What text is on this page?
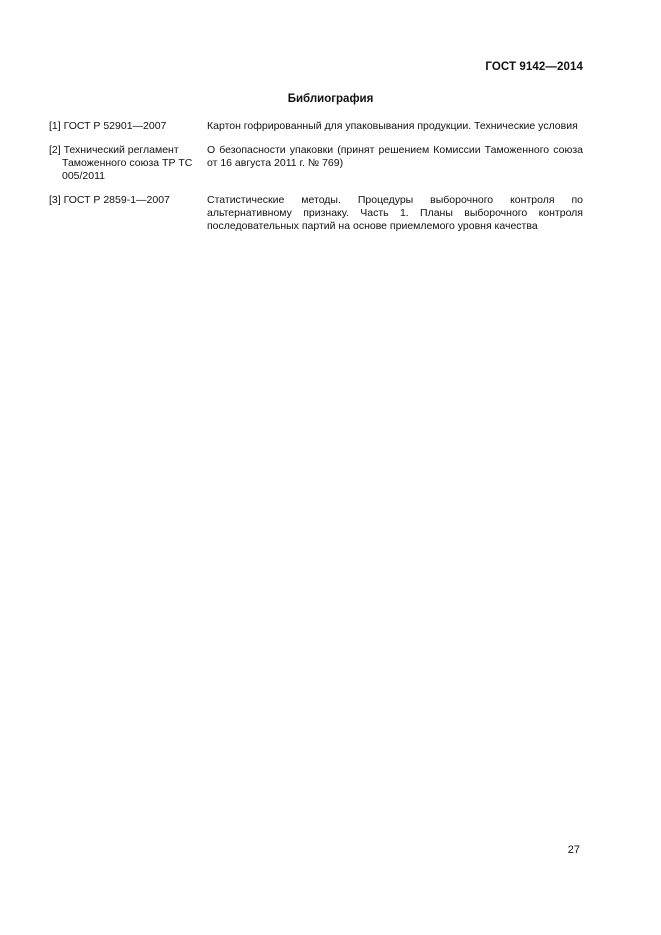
ГОСТ 9142—2014
Библиография
[1] ГОСТ Р 52901—2007	Картон гофрированный для упаковывания продукции. Технические условия
[2] Технический регламент Таможенного союза ТР ТС 005/2011
О безопасности упаковки (принят решением Комиссии Таможенного союза от 16 августа 2011 г. № 769)
[3] ГОСТ Р 2859-1—2007	Статистические методы. Процедуры выборочного контроля по альтернативному признаку. Часть 1. Планы выборочного контроля последовательных партий на основе приемлемого уровня качества
27
